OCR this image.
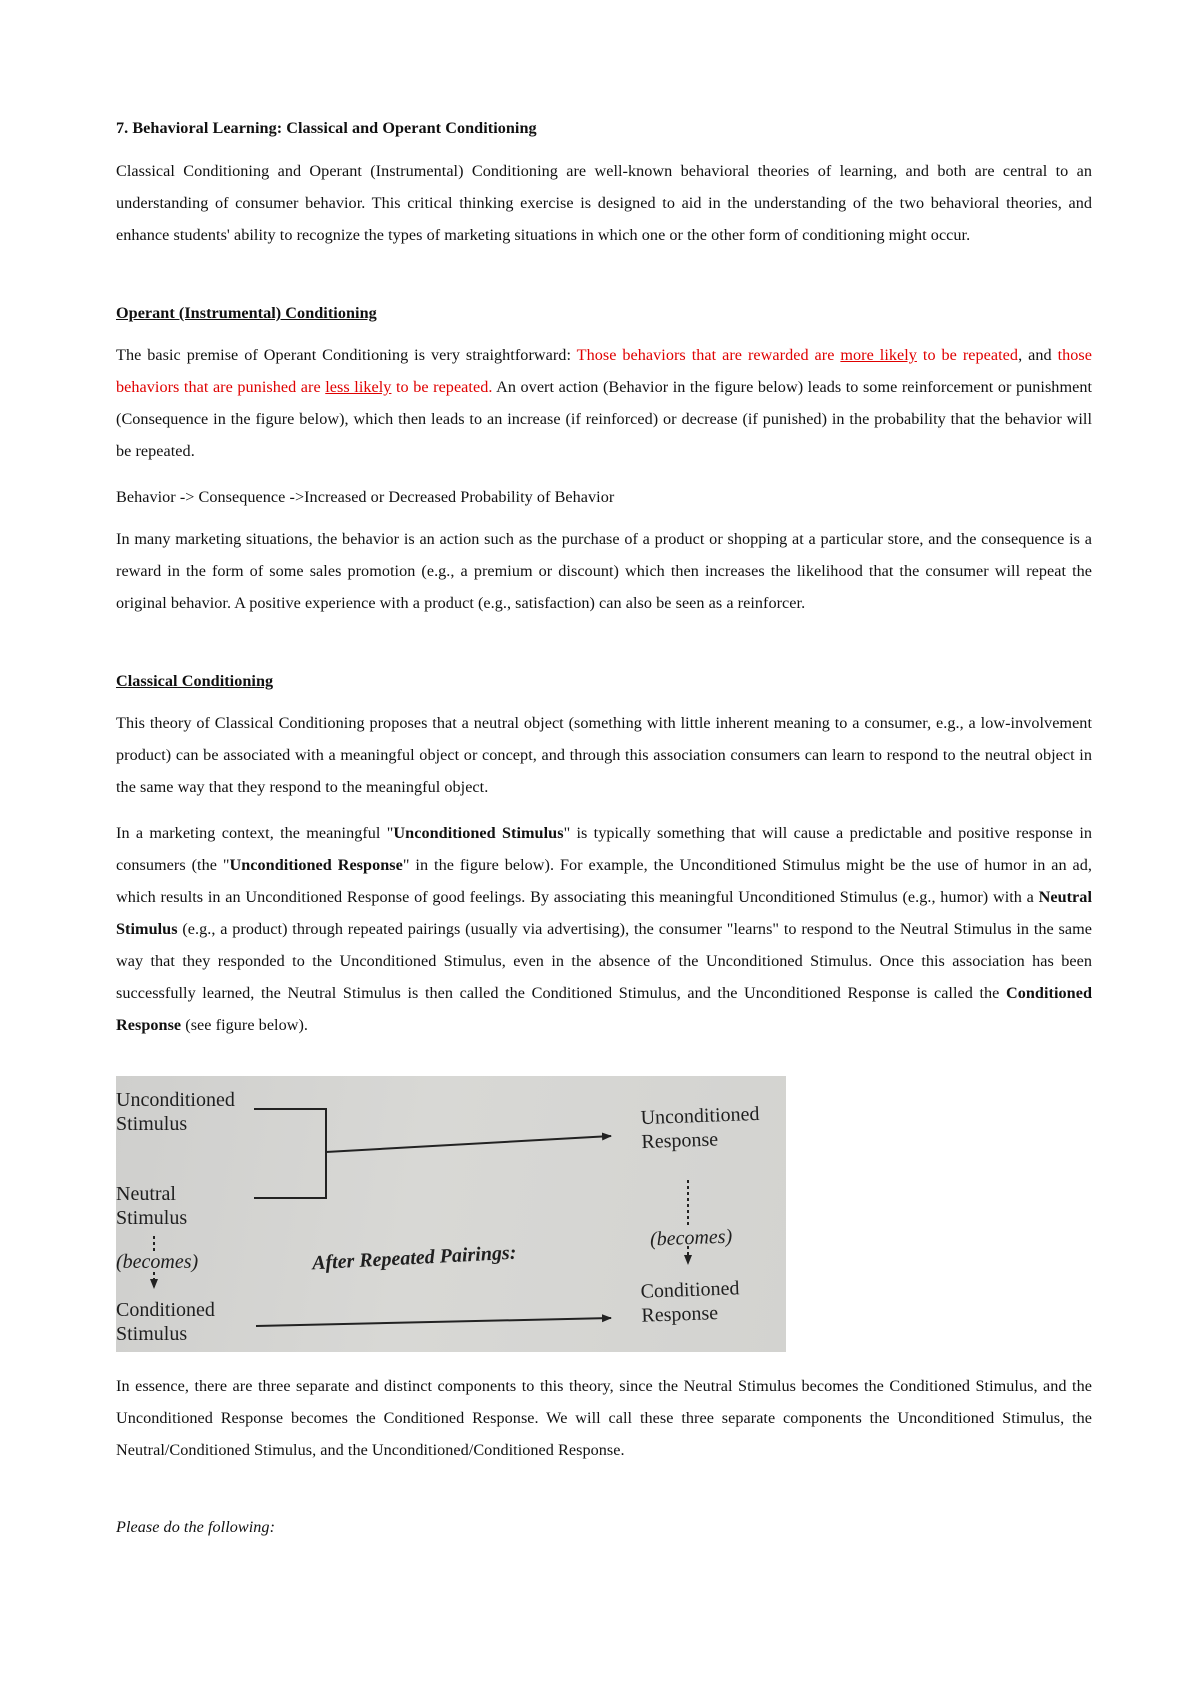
7. Behavioral Learning: Classical and Operant Conditioning

Classical Conditioning and Operant (Instrumental) Conditioning are well-known behavioral theories of learning, and both are central to an understanding of consumer behavior. This critical thinking exercise is designed to aid in the understanding of the two behavioral theories, and enhance students' ability to recognize the types of marketing situations in which one or the other form of conditioning might occur.

Operant (Instrumental) Conditioning

The basic premise of Operant Conditioning is very straightforward: Those behaviors that are rewarded are more likely to be repeated, and those behaviors that are punished are less likely to be repeated. An overt action (Behavior in the figure below) leads to some reinforcement or punishment (Consequence in the figure below), which then leads to an increase (if reinforced) or decrease (if punished) in the probability that the behavior will be repeated.

Behavior -> Consequence ->Increased or Decreased Probability of Behavior

In many marketing situations, the behavior is an action such as the purchase of a product or shopping at a particular store, and the consequence is a reward in the form of some sales promotion (e.g., a premium or discount) which then increases the likelihood that the consumer will repeat the original behavior. A positive experience with a product (e.g., satisfaction) can also be seen as a reinforcer.

Classical Conditioning

This theory of Classical Conditioning proposes that a neutral object (something with little inherent meaning to a consumer, e.g., a low-involvement product) can be associated with a meaningful object or concept, and through this association consumers can learn to respond to the neutral object in the same way that they respond to the meaningful object.

In a marketing context, the meaningful "Unconditioned Stimulus" is typically something that will cause a predictable and positive response in consumers (the "Unconditioned Response" in the figure below). For example, the Unconditioned Stimulus might be the use of humor in an ad, which results in an Unconditioned Response of good feelings. By associating this meaningful Unconditioned Stimulus (e.g., humor) with a Neutral Stimulus (e.g., a product) through repeated pairings (usually via advertising), the consumer "learns" to respond to the Neutral Stimulus in the same way that they responded to the Unconditioned Stimulus, even in the absence of the Unconditioned Stimulus. Once this association has been successfully learned, the Neutral Stimulus is then called the Conditioned Stimulus, and the Unconditioned Response is called the Conditioned Response (see figure below).

In essence, there are three separate and distinct components to this theory, since the Neutral Stimulus becomes the Conditioned Stimulus, and the Unconditioned Response becomes the Conditioned Response. We will call these three separate components the Unconditioned Stimulus, the Neutral/Conditioned Stimulus, and the Unconditioned/Conditioned Response.

Please do the following:
Unconditioned
Stimulus
Neutral
Stimulus
(becomes)
Conditioned
Stimulus
Unconditioned
Response
(becomes)
Conditioned
Response
After Repeated Pairings:
